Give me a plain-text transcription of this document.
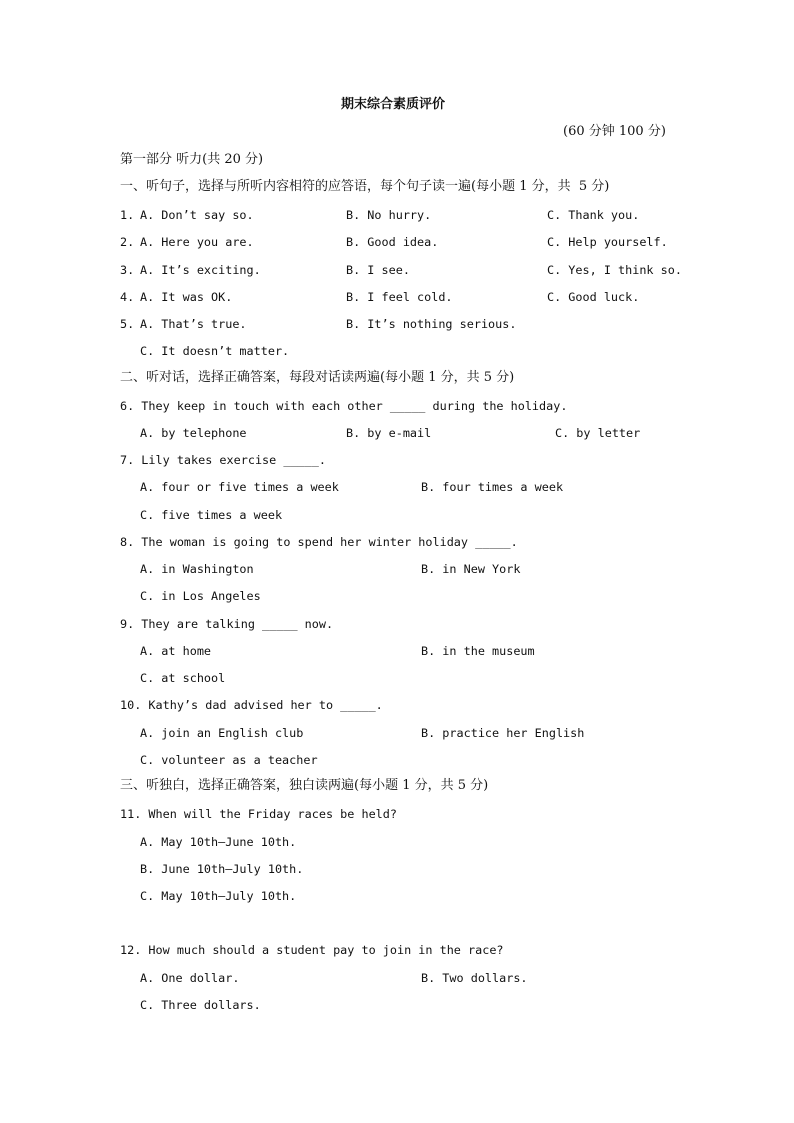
期末综合素质评价
(60 分钟 100 分)
第一部分 听力(共 20 分)
一、听句子，选择与所听内容相符的应答语，每个句子读一遍(每小题 1 分，共  5 分)
1. A. Don’t say so.	B. No hurry.	C. Thank you.
2. A. Here you are.	B. Good idea.	C. Help yourself.
3. A. It’s exciting.	B. I see.	C. Yes, I think so.
4. A. It was OK.	B. I feel cold.	C. Good luck.
5. A. That’s true.	B. It’s nothing serious.
C. It doesn’t matter.
二、听对话，选择正确答案，每段对话读两遍(每小题 1 分，共 5 分)
6. They keep in touch with each other _____ during the holiday.
A. by telephone	B. by e-mail	C. by letter
7. Lily takes exercise _____.
A. four or five times a week	B. four times a week
C. five times a week
8. The woman is going to spend her winter holiday _____.
A. in Washington	B. in New York
C. in Los Angeles
9. They are talking _____ now.
A. at home	B. in the museum
C. at school
10. Kathy’s dad advised her to _____.
A. join an English club	B. practice her English
C. volunteer as a teacher
三、听独白，选择正确答案，独白读两遍(每小题 1 分，共 5 分)
11. When will the Friday races be held?
A. May 10th—June 10th.
B. June 10th—July 10th.
C. May 10th—July 10th.
12. How much should a student pay to join in the race?
A. One dollar.	B. Two dollars.
C. Three dollars.
